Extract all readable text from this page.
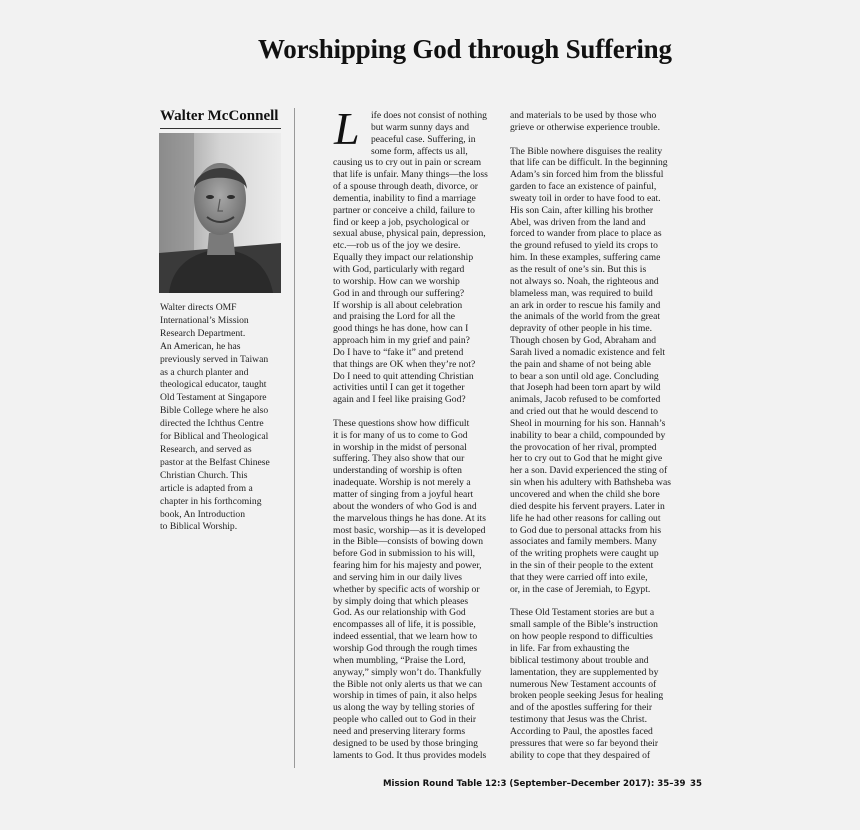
Worshipping God through Suffering
Walter McConnell
Walter directs OMF
International’s Mission
Research Department.
An American, he has
previously served in Taiwan
as a church planter and
theological educator, taught
Old Testament at Singapore
Bible College where he also
directed the Ichthus Centre
for Biblical and Theological
Research, and served as
pastor at the Belfast Chinese
Christian Church. This
article is adapted from a
chapter in his forthcoming
book, An Introduction
to Biblical Worship.
L	ife does not consist of nothing
but warm sunny days and
peaceful case. Suffering, in
some form, affects us all,
causing us to cry out in pain or scream
that life is unfair. Many things—the loss
of a spouse through death, divorce, or
dementia, inability to find a marriage
partner or conceive a child, failure to
find or keep a job, psychological or
sexual abuse, physical pain, depression,
etc.—rob us of the joy we desire.
Equally they impact our relationship
with God, particularly with regard
to worship. How can we worship
God in and through our suffering?
If worship is all about celebration
and praising the Lord for all the
good things he has done, how can I
approach him in my grief and pain?
Do I have to “fake it” and pretend
that things are OK when they’re not?
Do I need to quit attending Christian
activities until I can get it together
again and I feel like praising God?
These questions show how difficult
it is for many of us to come to God
in worship in the midst of personal
suffering. They also show that our
understanding of worship is often
inadequate. Worship is not merely a
matter of singing from a joyful heart
about the wonders of who God is and
the marvelous things he has done. At its
most basic, worship—as it is developed
in the Bible—consists of bowing down
before God in submission to his will,
fearing him for his majesty and power,
and serving him in our daily lives
whether by specific acts of worship or
by simply doing that which pleases
God. As our relationship with God
encompasses all of life, it is possible,
indeed essential, that we learn how to
worship God through the rough times
when mumbling, “Praise the Lord,
anyway,” simply won’t do. Thankfully
the Bible not only alerts us that we can
worship in times of pain, it also helps
us along the way by telling stories of
people who called out to God in their
need and preserving literary forms
designed to be used by those bringing
laments to God. It thus provides models
and materials to be used by those who
grieve or otherwise experience trouble.
The Bible nowhere disguises the reality
that life can be difficult. In the beginning
Adam’s sin forced him from the blissful
garden to face an existence of painful,
sweaty toil in order to have food to eat.
His son Cain, after killing his brother
Abel, was driven from the land and
forced to wander from place to place as
the ground refused to yield its crops to
him. In these examples, suffering came
as the result of one’s sin. But this is
not always so. Noah, the righteous and
blameless man, was required to build
an ark in order to rescue his family and
the animals of the world from the great
depravity of other people in his time.
Though chosen by God, Abraham and
Sarah lived a nomadic existence and felt
the pain and shame of not being able
to bear a son until old age. Concluding
that Joseph had been torn apart by wild
animals, Jacob refused to be comforted
and cried out that he would descend to
Sheol in mourning for his son. Hannah’s
inability to bear a child, compounded by
the provocation of her rival, prompted
her to cry out to God that he might give
her a son. David experienced the sting of
sin when his adultery with Bathsheba was
uncovered and when the child she bore
died despite his fervent prayers. Later in
life he had other reasons for calling out
to God due to personal attacks from his
associates and family members. Many
of the writing prophets were caught up
in the sin of their people to the extent
that they were carried off into exile,
or, in the case of Jeremiah, to Egypt.
These Old Testament stories are but a
small sample of the Bible’s instruction
on how people respond to difficulties
in life. Far from exhausting the
biblical testimony about trouble and
lamentation, they are supplemented by
numerous New Testament accounts of
broken people seeking Jesus for healing
and of the apostles suffering for their
testimony that Jesus was the Christ.
According to Paul, the apostles faced
pressures that were so far beyond their
ability to cope that they despaired of
Mission Round Table 12:3 (September–December 2017): 35–39 35
